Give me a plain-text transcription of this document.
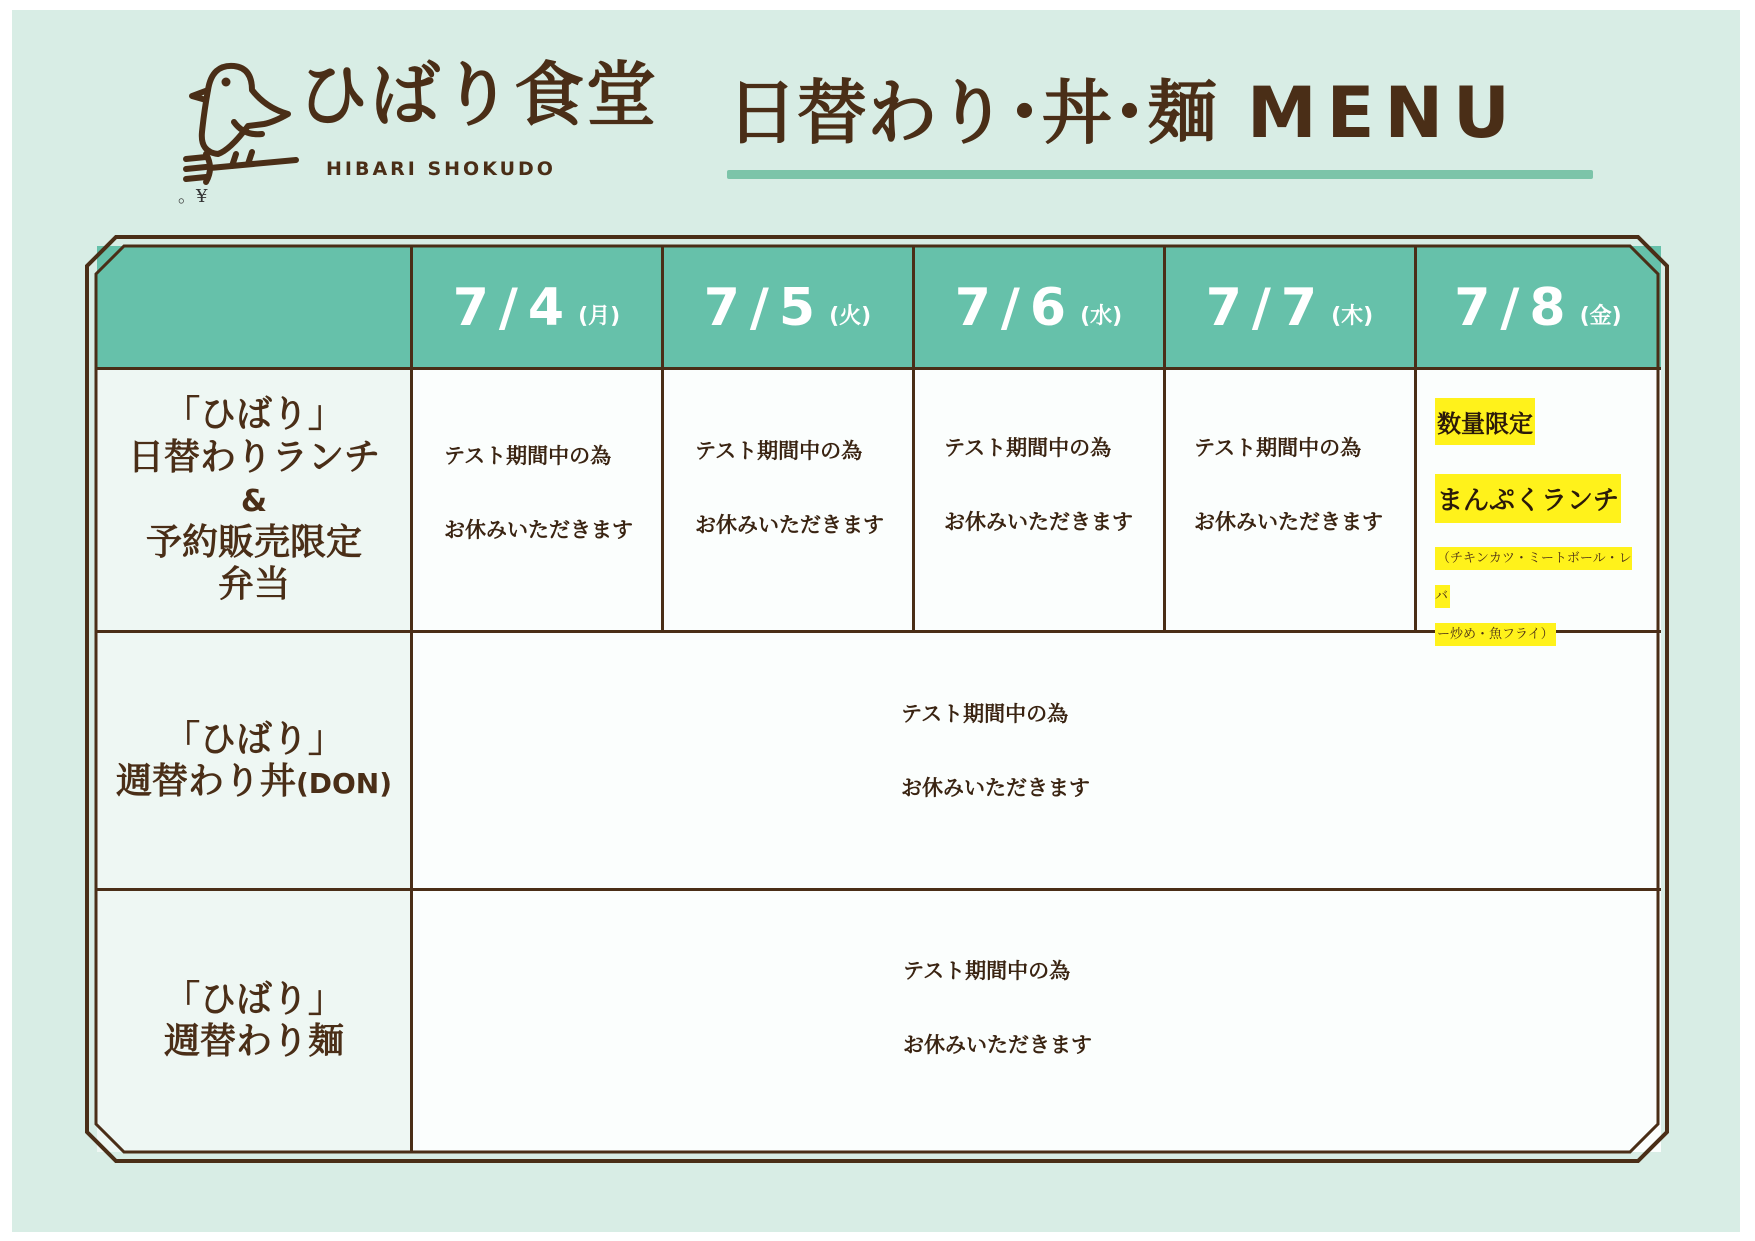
ひばり食堂
HIBARI SHOKUDO
。¥
日替わり･丼･麺 MENU
7/4 (月) 7/5 (火) 7/6 (水) 7/7 (木) 7/8 (金)
「ひばり」
日替わりランチ
&
予約販売限定
弁当
「ひばり」
週替わり丼(DON)
「ひばり」
週替わり麺
テスト期間中の為
お休みいただきます
テスト期間中の為
お休みいただきます
テスト期間中の為
お休みいただきます
テスト期間中の為
お休みいただきます
数量限定
まんぷくランチ
（チキンカツ・ミートボール・レバ
ー炒め・魚フライ）
テスト期間中の為
お休みいただきます
テスト期間中の為
お休みいただきます
